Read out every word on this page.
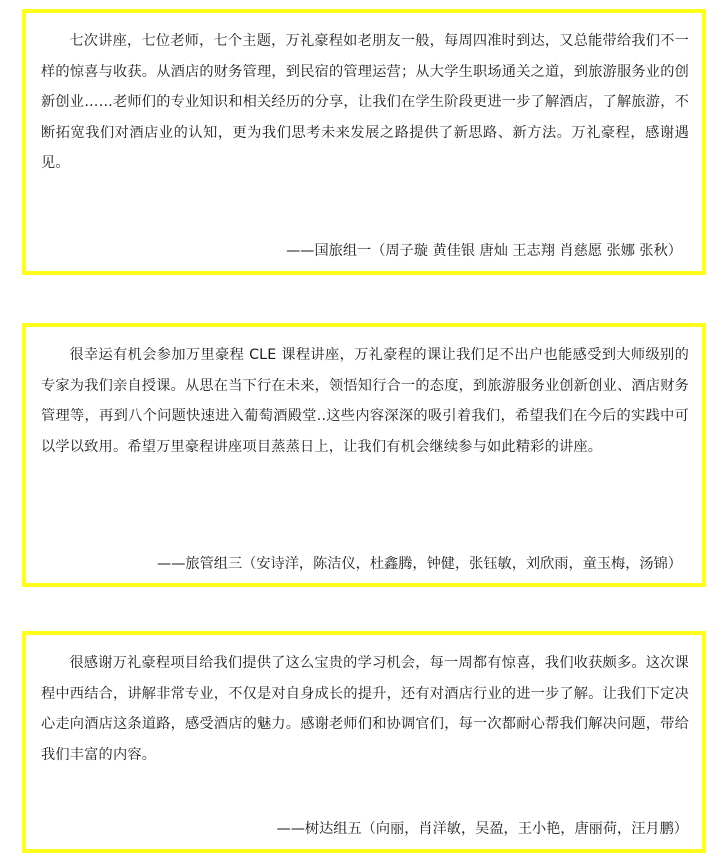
七次讲座，七位老师，七个主题，万礼豪程如老朋友一般，每周四准时到达，又总能带给我们不一样的惊喜与收获。从酒店的财务管理，到民宿的管理运营；从大学生职场通关之道，到旅游服务业的创新创业……老师们的专业知识和相关经历的分享，让我们在学生阶段更进一步了解酒店，了解旅游，不断拓宽我们对酒店业的认知，更为我们思考未来发展之路提供了新思路、新方法。万礼豪程，感谢遇见。

——国旅组一（周子璇 黄佳银 唐灿 王志翔 肖慈愿 张娜 张秋）

很幸运有机会参加万里豪程 CLE 课程讲座，万礼豪程的课让我们足不出户也能感受到大师级别的专家为我们亲自授课。从思在当下行在未来，领悟知行合一的态度，到旅游服务业创新创业、酒店财务管理等，再到八个问题快速进入葡萄酒殿堂..这些内容深深的吸引着我们，希望我们在今后的实践中可以学以致用。希望万里豪程讲座项目蒸蒸日上，让我们有机会继续参与如此精彩的讲座。

——旅管组三（安诗洋，陈洁仪，杜鑫腾，钟健，张钰敏，刘欣雨，童玉梅，汤锦）

很感谢万礼豪程项目给我们提供了这么宝贵的学习机会，每一周都有惊喜，我们收获颇多。这次课程中西结合，讲解非常专业，不仅是对自身成长的提升，还有对酒店行业的进一步了解。让我们下定决心走向酒店这条道路，感受酒店的魅力。感谢老师们和协调官们，每一次都耐心帮我们解决问题，带给我们丰富的内容。

——树达组五（向丽，肖洋敏，吴盈，王小艳，唐丽荷，汪月鹏）
